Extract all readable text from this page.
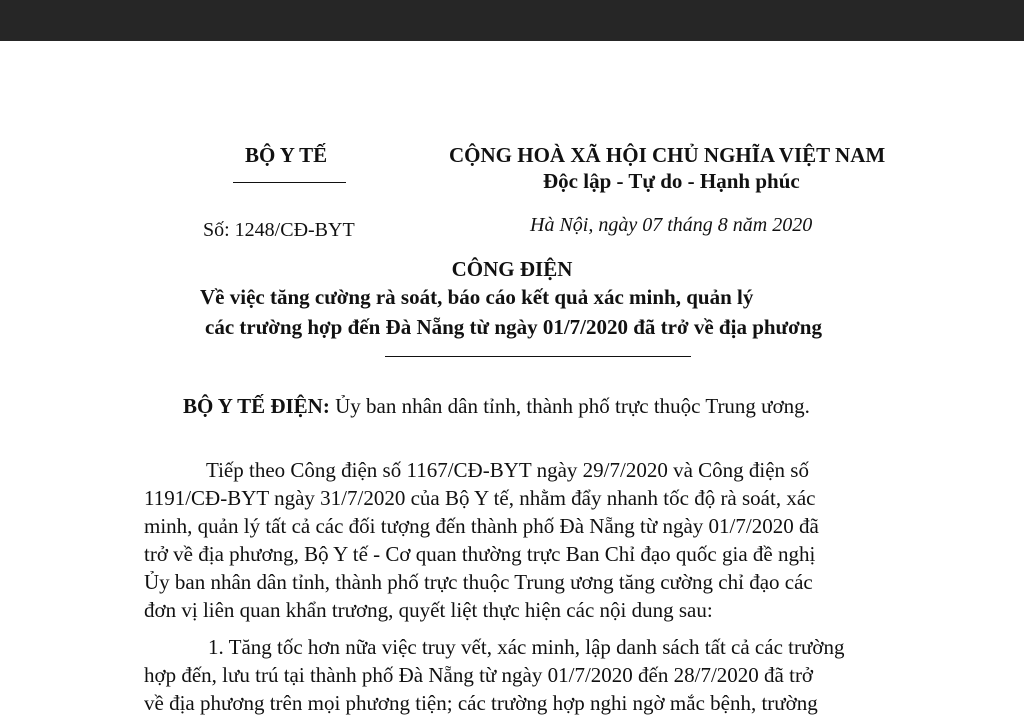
BỘ Y TẾ	CỘNG HOÀ XÃ HỘI CHỦ NGHĨA VIỆT NAM
Độc lập - Tự do - Hạnh phúc
Số: 1248/CĐ-BYT	Hà Nội, ngày 07 tháng 8 năm 2020
CÔNG ĐIỆN
Về việc tăng cường rà soát, báo cáo kết quả xác minh, quản lý
các trường hợp đến Đà Nẵng từ ngày 01/7/2020 đã trở về địa phương
BỘ Y TẾ ĐIỆN: Ủy ban nhân dân tỉnh, thành phố trực thuộc Trung ương.
Tiếp theo Công điện số 1167/CĐ-BYT ngày 29/7/2020 và Công điện số
1191/CĐ-BYT ngày 31/7/2020 của Bộ Y tế, nhằm đẩy nhanh tốc độ rà soát, xác
minh, quản lý tất cả các đối tượng đến thành phố Đà Nẵng từ ngày 01/7/2020 đã
trở về địa phương, Bộ Y tế - Cơ quan thường trực Ban Chỉ đạo quốc gia đề nghị
Ủy ban nhân dân tỉnh, thành phố trực thuộc Trung ương tăng cường chỉ đạo các
đơn vị liên quan khẩn trương, quyết liệt thực hiện các nội dung sau:
1. Tăng tốc hơn nữa việc truy vết, xác minh, lập danh sách tất cả các trường
hợp đến, lưu trú tại thành phố Đà Nẵng từ ngày 01/7/2020 đến 28/7/2020 đã trở
về địa phương trên mọi phương tiện; các trường hợp nghi ngờ mắc bệnh, trường
